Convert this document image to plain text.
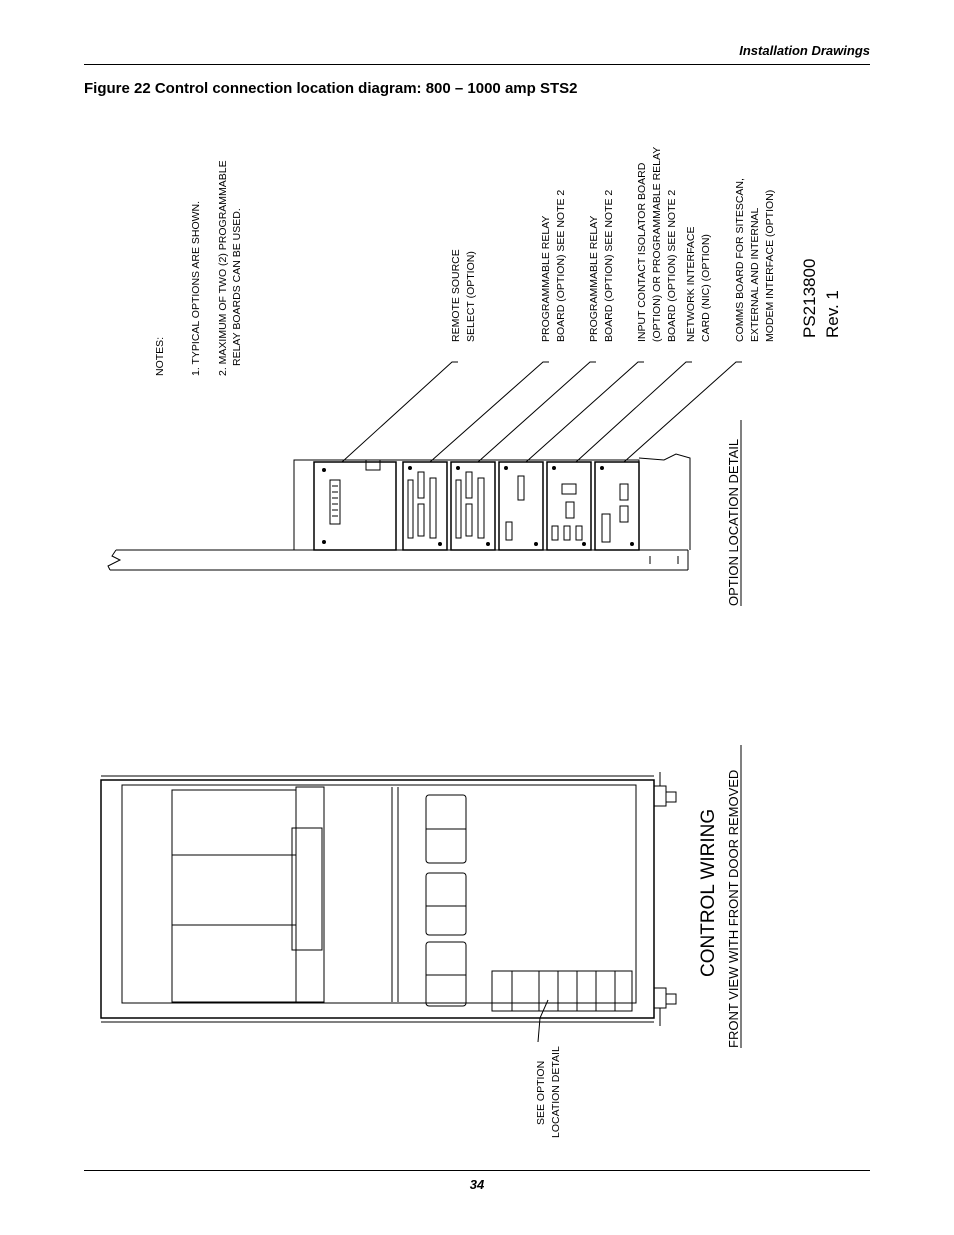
Installation Drawings
Figure 22 Control connection location diagram: 800 – 1000 amp STS2
NOTES: 1. TYPICAL OPTIONS ARE SHOWN. 2. MAXIMUM OF TWO (2) PROGRAMMABLE RELAY BOARDS CAN BE USED.	REMOTE SOURCE SELECT (OPTION)	PROGRAMMABLE RELAY BOARD (OPTION) SEE NOTE 2 PROGRAMMABLE RELAY BOARD (OPTION) SEE NOTE 2 INPUT CONTACT ISOLATOR BOARD (OPTION) OR PROGRAMMABLE RELAY BOARD (OPTION) SEE NOTE 2 NETWORK INTERFACE CARD (NIC) (OPTION) COMMS BOARD FOR SITESCAN, EXTERNAL AND INTERNAL MODEM INTERFACE (OPTION) PS213800 Rev. 1
OPTION LOCATION DETAIL
CONTROL WIRING FRONT VIEW WITH FRONT DOOR REMOVED
SEE OPTION LOCATION DETAIL
34
